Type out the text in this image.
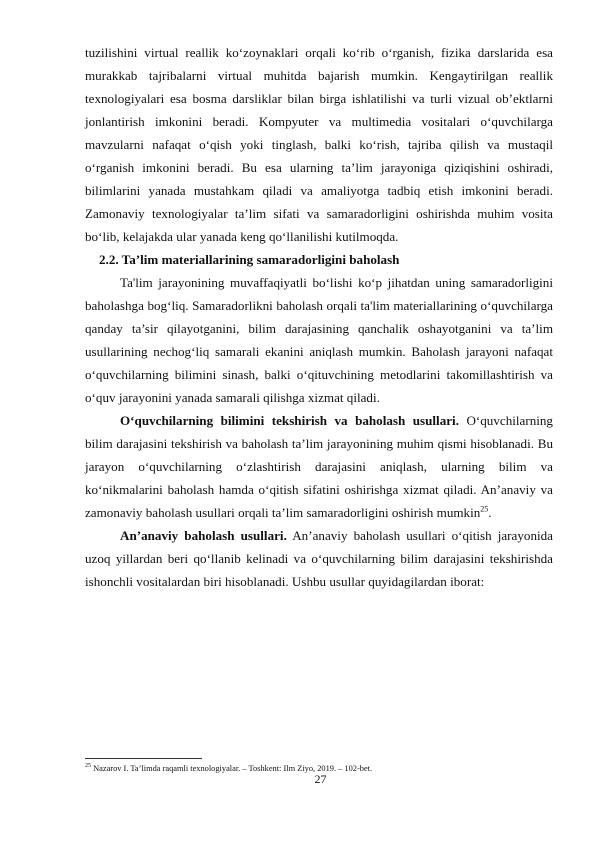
tuzilishini virtual reallik ko‘zoynaklari orqali ko‘rib o‘rganish, fizika darslarida esa murakkab tajribalarni virtual muhitda bajarish mumkin. Kengaytirilgan reallik texnologiyalari esa bosma darsliklar bilan birga ishlatilishi va turli vizual ob’ektlarni jonlantirish imkonini beradi. Kompyuter va multimedia vositalari o‘quvchilarga mavzularni nafaqat o‘qish yoki tinglash, balki ko‘rish, tajriba qilish va mustaqil o‘rganish imkonini beradi. Bu esa ularning ta’lim jarayoniga qiziqishini oshiradi, bilimlarini yanada mustahkam qiladi va amaliyotga tadbiq etish imkonini beradi. Zamonaviy texnologiyalar ta’lim sifati va samaradorligini oshirishda muhim vosita bo‘lib, kelajakda ular yanada keng qo‘llanilishi kutilmoqda.

2.2. Ta’lim materiallarining samaradorligini baholash

Ta'lim jarayonining muvaffaqiyatli bo‘lishi ko‘p jihatdan uning samaradorligini baholashga bog‘liq. Samaradorlikni baholash orqali ta'lim materiallarining o‘quvchilarga qanday ta’sir qilayotganini, bilim darajasining qanchalik oshayotganini va ta’lim usullarining nechog‘liq samarali ekanini aniqlash mumkin. Baholash jarayoni nafaqat o‘quvchilarning bilimini sinash, balki o‘qituvchining metodlarini takomillashtirish va o‘quv jarayonini yanada samarali qilishga xizmat qiladi.

O‘quvchilarning bilimini tekshirish va baholash usullari. O‘quvchilarning bilim darajasini tekshirish va baholash ta’lim jarayonining muhim qismi hisoblanadi. Bu jarayon o‘quvchilarning o‘zlashtirish darajasini aniqlash, ularning bilim va ko‘nikmalarini baholash hamda o‘qitish sifatini oshirishga xizmat qiladi. An’anaviy va zamonaviy baholash usullari orqali ta’lim samaradorligini oshirish mumkin$^{25}$.

An’anaviy baholash usullari. An’anaviy baholash usullari o‘qitish jarayonida uzoq yillardan beri qo‘llanib kelinadi va o‘quvchilarning bilim darajasini tekshirishda ishonchli vositalardan biri hisoblanadi. Ushbu usullar quyidagilardan iborat:

$^{25}$ Nazarov I. Ta’limda raqamli texnologiyalar. – Toshkent: Ilm Ziyo, 2019. – 102-bet.
27
